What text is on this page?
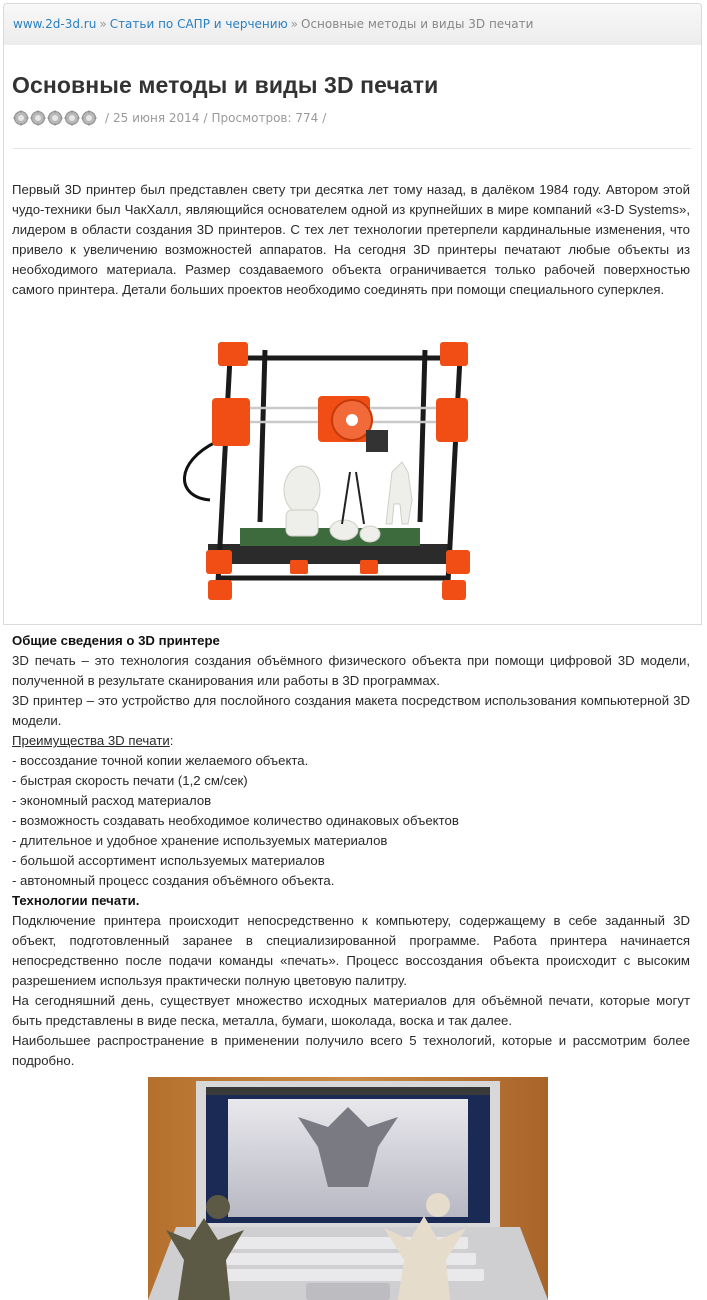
www.2d-3d.ru » Статьи по САПР и черчению » Основные методы и виды 3D печати
Основные методы и виды 3D печати
/ 25 июня 2014 / Просмотров: 774 /

Первый 3D принтер был представлен свету три десятка лет тому назад, в далёком 1984 году. Автором этой чудо-техники был ЧакХалл, являющийся основателем одной из крупнейших в мире компаний «3-D Systems», лидером в области создания 3D принтеров. С тех лет технологии претерпели кардинальные изменения, что привело к увеличению возможностей аппаратов. На сегодня 3D принтеры печатают любые объекты из необходимого материала. Размер создаваемого объекта ограничивается только рабочей поверхностью самого принтера. Детали больших проектов необходимо соединять при помощи специального суперклея.

Общие сведения о 3D принтере
3D печать – это технология создания объёмного физического объекта при помощи цифровой 3D модели, полученной в результате сканирования или работы в 3D программах.
3D принтер – это устройство для послойного создания макета посредством использования компьютерной 3D модели.
Преимущества 3D печати:
- воссоздание точной копии желаемого объекта.
- быстрая скорость печати (1,2 см/сек)
- экономный расход материалов
- возможность создавать необходимое количество одинаковых объектов
- длительное и удобное хранение используемых материалов
- большой ассортимент используемых материалов
- автономный процесс создания объёмного объекта.
Технологии печати.
Подключение принтера происходит непосредственно к компьютеру, содержащему в себе заданный 3D объект, подготовленный заранее в специализированной программе. Работа принтера начинается непосредственно после подачи команды «печать». Процесс воссоздания объекта происходит с высоким разрешением используя практически полную цветовую палитру.
На сегодняшний день, существует множество исходных материалов для объёмной печати, которые могут быть представлены в виде песка, металла, бумаги, шоколада, воска и так далее.
Наибольшее распространение в применении получило всего 5 технологий, которые и рассмотрим более подробно.
